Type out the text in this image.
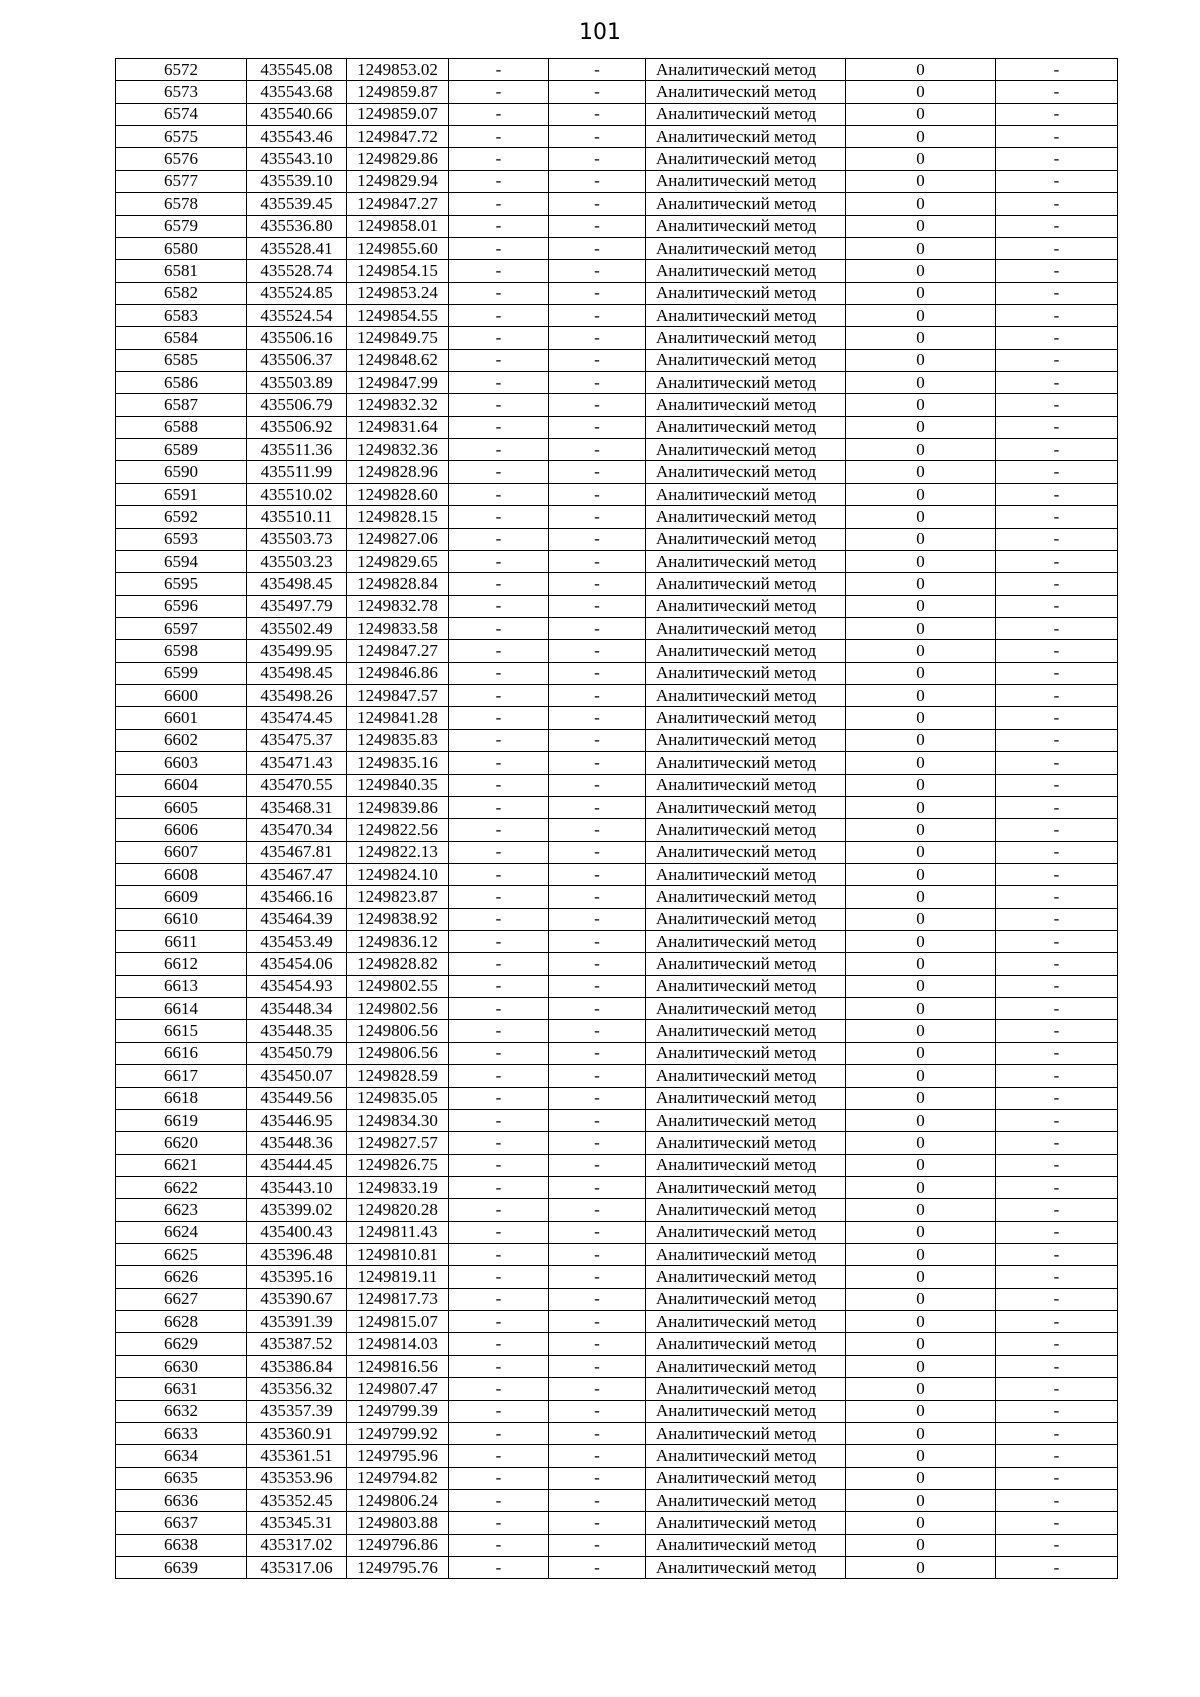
101
6572	435545.08	1249853.02	-	-	Аналитический метод	0	-
6573	435543.68	1249859.87	-	-	Аналитический метод	0	-
6574	435540.66	1249859.07	-	-	Аналитический метод	0	-
6575	435543.46	1249847.72	-	-	Аналитический метод	0	-
6576	435543.10	1249829.86	-	-	Аналитический метод	0	-
6577	435539.10	1249829.94	-	-	Аналитический метод	0	-
6578	435539.45	1249847.27	-	-	Аналитический метод	0	-
6579	435536.80	1249858.01	-	-	Аналитический метод	0	-
6580	435528.41	1249855.60	-	-	Аналитический метод	0	-
6581	435528.74	1249854.15	-	-	Аналитический метод	0	-
6582	435524.85	1249853.24	-	-	Аналитический метод	0	-
6583	435524.54	1249854.55	-	-	Аналитический метод	0	-
6584	435506.16	1249849.75	-	-	Аналитический метод	0	-
6585	435506.37	1249848.62	-	-	Аналитический метод	0	-
6586	435503.89	1249847.99	-	-	Аналитический метод	0	-
6587	435506.79	1249832.32	-	-	Аналитический метод	0	-
6588	435506.92	1249831.64	-	-	Аналитический метод	0	-
6589	435511.36	1249832.36	-	-	Аналитический метод	0	-
6590	435511.99	1249828.96	-	-	Аналитический метод	0	-
6591	435510.02	1249828.60	-	-	Аналитический метод	0	-
6592	435510.11	1249828.15	-	-	Аналитический метод	0	-
6593	435503.73	1249827.06	-	-	Аналитический метод	0	-
6594	435503.23	1249829.65	-	-	Аналитический метод	0	-
6595	435498.45	1249828.84	-	-	Аналитический метод	0	-
6596	435497.79	1249832.78	-	-	Аналитический метод	0	-
6597	435502.49	1249833.58	-	-	Аналитический метод	0	-
6598	435499.95	1249847.27	-	-	Аналитический метод	0	-
6599	435498.45	1249846.86	-	-	Аналитический метод	0	-
6600	435498.26	1249847.57	-	-	Аналитический метод	0	-
6601	435474.45	1249841.28	-	-	Аналитический метод	0	-
6602	435475.37	1249835.83	-	-	Аналитический метод	0	-
6603	435471.43	1249835.16	-	-	Аналитический метод	0	-
6604	435470.55	1249840.35	-	-	Аналитический метод	0	-
6605	435468.31	1249839.86	-	-	Аналитический метод	0	-
6606	435470.34	1249822.56	-	-	Аналитический метод	0	-
6607	435467.81	1249822.13	-	-	Аналитический метод	0	-
6608	435467.47	1249824.10	-	-	Аналитический метод	0	-
6609	435466.16	1249823.87	-	-	Аналитический метод	0	-
6610	435464.39	1249838.92	-	-	Аналитический метод	0	-
6611	435453.49	1249836.12	-	-	Аналитический метод	0	-
6612	435454.06	1249828.82	-	-	Аналитический метод	0	-
6613	435454.93	1249802.55	-	-	Аналитический метод	0	-
6614	435448.34	1249802.56	-	-	Аналитический метод	0	-
6615	435448.35	1249806.56	-	-	Аналитический метод	0	-
6616	435450.79	1249806.56	-	-	Аналитический метод	0	-
6617	435450.07	1249828.59	-	-	Аналитический метод	0	-
6618	435449.56	1249835.05	-	-	Аналитический метод	0	-
6619	435446.95	1249834.30	-	-	Аналитический метод	0	-
6620	435448.36	1249827.57	-	-	Аналитический метод	0	-
6621	435444.45	1249826.75	-	-	Аналитический метод	0	-
6622	435443.10	1249833.19	-	-	Аналитический метод	0	-
6623	435399.02	1249820.28	-	-	Аналитический метод	0	-
6624	435400.43	1249811.43	-	-	Аналитический метод	0	-
6625	435396.48	1249810.81	-	-	Аналитический метод	0	-
6626	435395.16	1249819.11	-	-	Аналитический метод	0	-
6627	435390.67	1249817.73	-	-	Аналитический метод	0	-
6628	435391.39	1249815.07	-	-	Аналитический метод	0	-
6629	435387.52	1249814.03	-	-	Аналитический метод	0	-
6630	435386.84	1249816.56	-	-	Аналитический метод	0	-
6631	435356.32	1249807.47	-	-	Аналитический метод	0	-
6632	435357.39	1249799.39	-	-	Аналитический метод	0	-
6633	435360.91	1249799.92	-	-	Аналитический метод	0	-
6634	435361.51	1249795.96	-	-	Аналитический метод	0	-
6635	435353.96	1249794.82	-	-	Аналитический метод	0	-
6636	435352.45	1249806.24	-	-	Аналитический метод	0	-
6637	435345.31	1249803.88	-	-	Аналитический метод	0	-
6638	435317.02	1249796.86	-	-	Аналитический метод	0	-
6639	435317.06	1249795.76	-	-	Аналитический метод	0	-
